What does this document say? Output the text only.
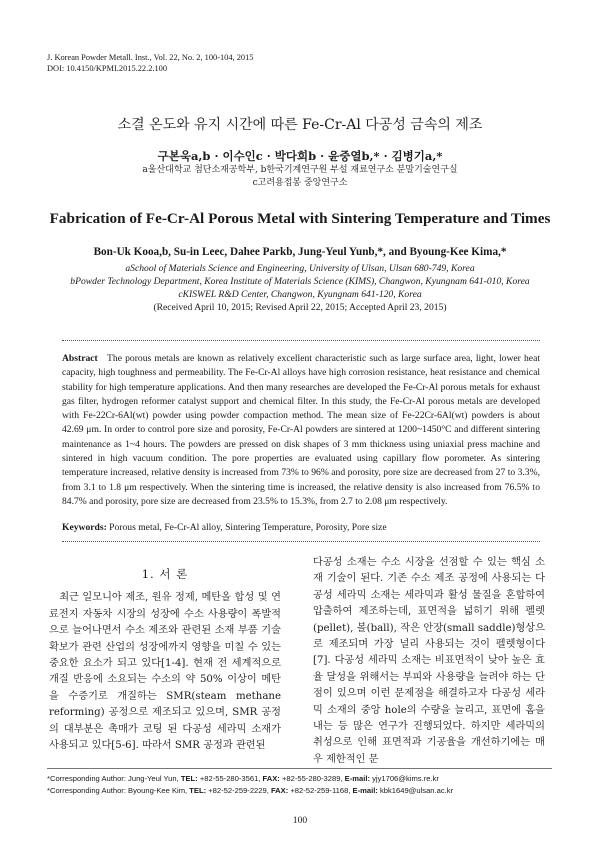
J. Korean Powder Metall. Inst., Vol. 22, No. 2, 100-104, 2015
DOI: 10.4150/KPMI.2015.22.2.100
소결 온도와 유지 시간에 따른 Fe-Cr-Al 다공성 금속의 제조
구본욱a,b · 이수인c · 박다희b · 윤중열b,* · 김병기a,*
a울산대학교 첨단소재공학부, b한국기계연구원 부설 재료연구소 분말기술연구실
c고려용접봉 중앙연구소
Fabrication of Fe-Cr-Al Porous Metal with Sintering Temperature and Times
Bon-Uk Kooa,b, Su-in Leec, Dahee Parkb, Jung-Yeul Yunb,*, and Byoung-Kee Kima,*
aSchool of Materials Science and Engineering, University of Ulsan, Ulsan 680-749, Korea
bPowder Technology Department, Korea Institute of Materials Science (KIMS), Changwon, Kyungnam 641-010, Korea
cKISWEL R&D Center, Changwon, Kyungnam 641-120, Korea
(Received April 10, 2015; Revised April 22, 2015; Accepted April 23, 2015)
Abstract The porous metals are known as relatively excellent characteristic such as large surface area, light, lower heat capacity, high toughness and permeability. The Fe-Cr-Al alloys have high corrosion resistance, heat resistance and chemical stability for high temperature applications. And then many researches are developed the Fe-Cr-Al porous metals for exhaust gas filter, hydrogen reformer catalyst support and chemical filter. In this study, the Fe-Cr-Al porous metals are developed with Fe-22Cr-6Al(wt) powder using powder compaction method. The mean size of Fe-22Cr-6Al(wt) powders is about 42.69 μm. In order to control pore size and porosity, Fe-Cr-Al powders are sintered at 1200~1450°C and different sintering maintenance as 1~4 hours. The powders are pressed on disk shapes of 3 mm thickness using uniaxial press machine and sintered in high vacuum condition. The pore properties are evaluated using capillary flow porometer. As sintering temperature increased, relative density is increased from 73% to 96% and porosity, pore size are decreased from 27 to 3.3%, from 3.1 to 1.8 μm respectively. When the sintering time is increased, the relative density is also increased from 76.5% to 84.7% and porosity, pore size are decreased from 23.5% to 15.3%, from 2.7 to 2.08 μm respectively.
Keywords: Porous metal, Fe-Cr-Al alloy, Sintering Temperature, Porosity, Pore size
1. 서 론

최근 일모니아 제조, 원유 정제, 메탄올 합성 및 연료전지 자동차 시장의 성장에 수소 사용량이 폭발적으로 늘어나면서 수소 제조와 관련된 소재 부품 기술 확보가 관련 산업의 성장에까지 영향을 미칠 수 있는 중요한 요소가 되고 있다[1-4]. 현재 전 세계적으로 개질 반응에 소요되는 수소의 약 50% 이상이 메탄을 수증기로 개질하는 SMR(steam methane reforming) 공정으로 제조되고 있으며, SMR 공정의 대부분은 촉매가 코팅 된 다공성 세라믹 소재가 사용되고 있다[5-6]. 따라서 SMR 공정과 관련된

다공성 소재는 수소 시장을 선점할 수 있는 핵심 소재 기술이 된다. 기존 수소 제조 공정에 사용되는 다공성 세라믹 소재는 세라믹과 활성 물질을 혼합하여 압출하여 제조하는데, 표면적을 넓히기 위해 펠렛(pellet), 볼(ball), 작은 안장(small saddle)형상으로 제조되며 가장 널리 사용되는 것이 펠렛형이다[7]. 다공성 세라믹 소재는 비표면적이 낮아 높은 효율 달성을 위해서는 부피와 사용량을 늘려야 하는 단점이 있으며 이런 문제점을 해결하고자 다공성 세라믹 소재의 중앙 hole의 수량을 늘리고, 표면에 홈을 내는 등 많은 연구가 진행되었다. 하지만 세라믹의 취성으로 인해 표면적과 기공율을 개선하기에는 매우 제한적인 문

*Corresponding Author: Jung-Yeul Yun, TEL: +82-55-280-3561, FAX: +82-55-280-3289, E-mail: yjy1706@kims.re.kr
*Corresponding Author: Byoung-Kee Kim, TEL: +82-52-259-2229, FAX: +82-52-259-1168, E-mail: kbk1649@ulsan.ac.kr
100
